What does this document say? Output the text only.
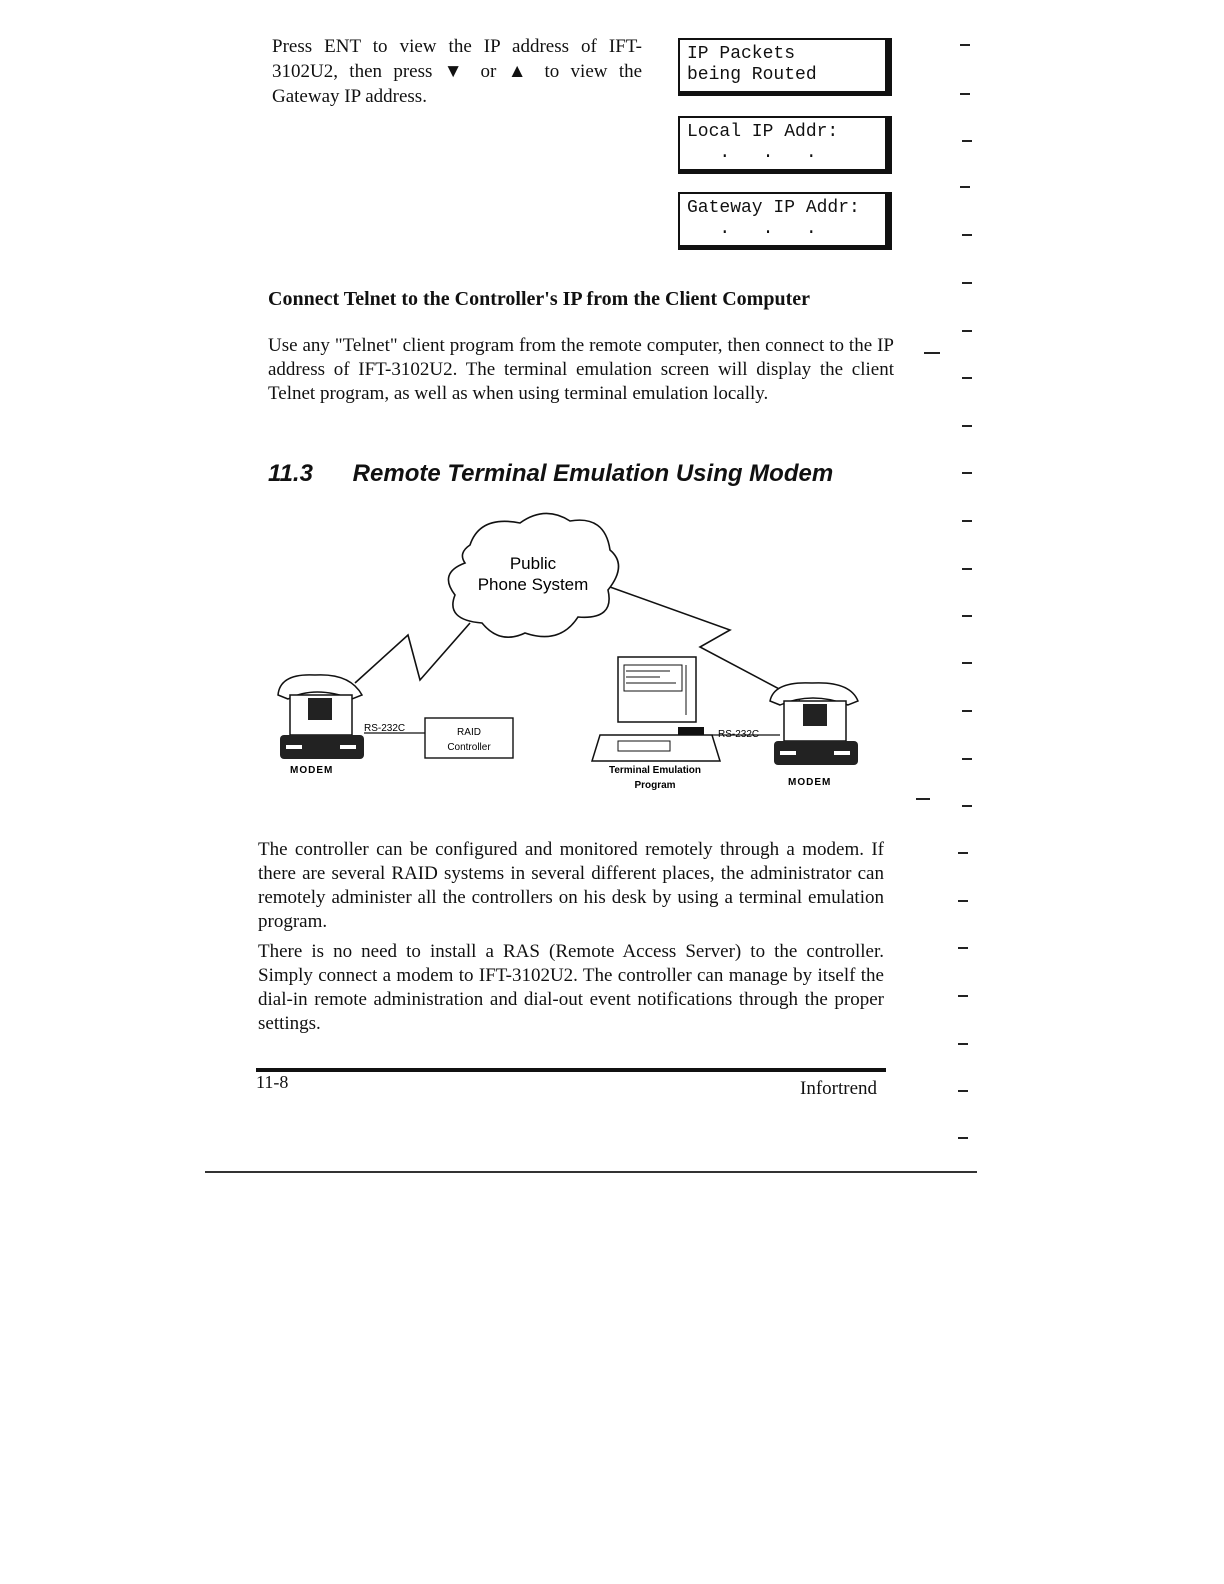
Press ENT to view the IP address of IFT-3102U2, then press ▼ or ▲ to view the Gateway IP address.
IP Packets
being Routed
Local IP Addr:
.   .   .
Gateway IP Addr:
.   .   .
Connect Telnet to the Controller's IP from the Client Computer
Use any "Telnet" client program from the remote computer, then connect to the IP address of IFT-3102U2. The terminal emulation screen will display the client Telnet program, as well as when using terminal emulation locally.
11.3 Remote Terminal Emulation Using Modem
Public
Phone System
MODEM
RS-232C	RAID
Controller
Terminal Emulation
Program
RS-232C
MODEM
The controller can be configured and monitored remotely through a modem. If there are several RAID systems in several different places, the administrator can remotely administer all the controllers on his desk by using a terminal emulation program.
There is no need to install a RAS (Remote Access Server) to the controller. Simply connect a modem to IFT-3102U2. The controller can manage by itself the dial-in remote administration and dial-out event notifications through the proper settings.
11-8	Infortrend
